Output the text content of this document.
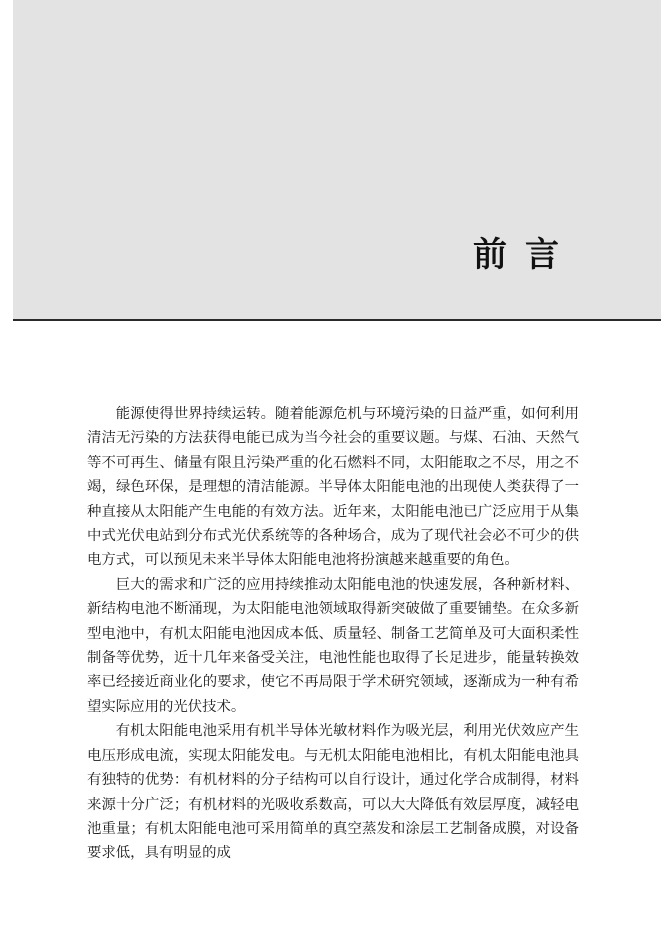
前言

能源使得世界持续运转。随着能源危机与环境污染的日益严重，如何利用清洁无污染的方法获得电能已成为当今社会的重要议题。与煤、石油、天然气等不可再生、储量有限且污染严重的化石燃料不同，太阳能取之不尽，用之不竭，绿色环保，是理想的清洁能源。半导体太阳能电池的出现使人类获得了一种直接从太阳能产生电能的有效方法。近年来，太阳能电池已广泛应用于从集中式光伏电站到分布式光伏系统等的各种场合，成为了现代社会必不可少的供电方式，可以预见未来半导体太阳能电池将扮演越来越重要的角色。

巨大的需求和广泛的应用持续推动太阳能电池的快速发展，各种新材料、新结构电池不断涌现，为太阳能电池领域取得新突破做了重要铺垫。在众多新型电池中，有机太阳能电池因成本低、质量轻、制备工艺简单及可大面积柔性制备等优势，近十几年来备受关注，电池性能也取得了长足进步，能量转换效率已经接近商业化的要求，使它不再局限于学术研究领域，逐渐成为一种有希望实际应用的光伏技术。

有机太阳能电池采用有机半导体光敏材料作为吸光层，利用光伏效应产生电压形成电流，实现太阳能发电。与无机太阳能电池相比，有机太阳能电池具有独特的优势：有机材料的分子结构可以自行设计，通过化学合成制得，材料来源十分广泛；有机材料的光吸收系数高，可以大大降低有效层厚度，减轻电池重量；有机太阳能电池可采用简单的真空蒸发和涂层工艺制备成膜，对设备要求低，具有明显的成
